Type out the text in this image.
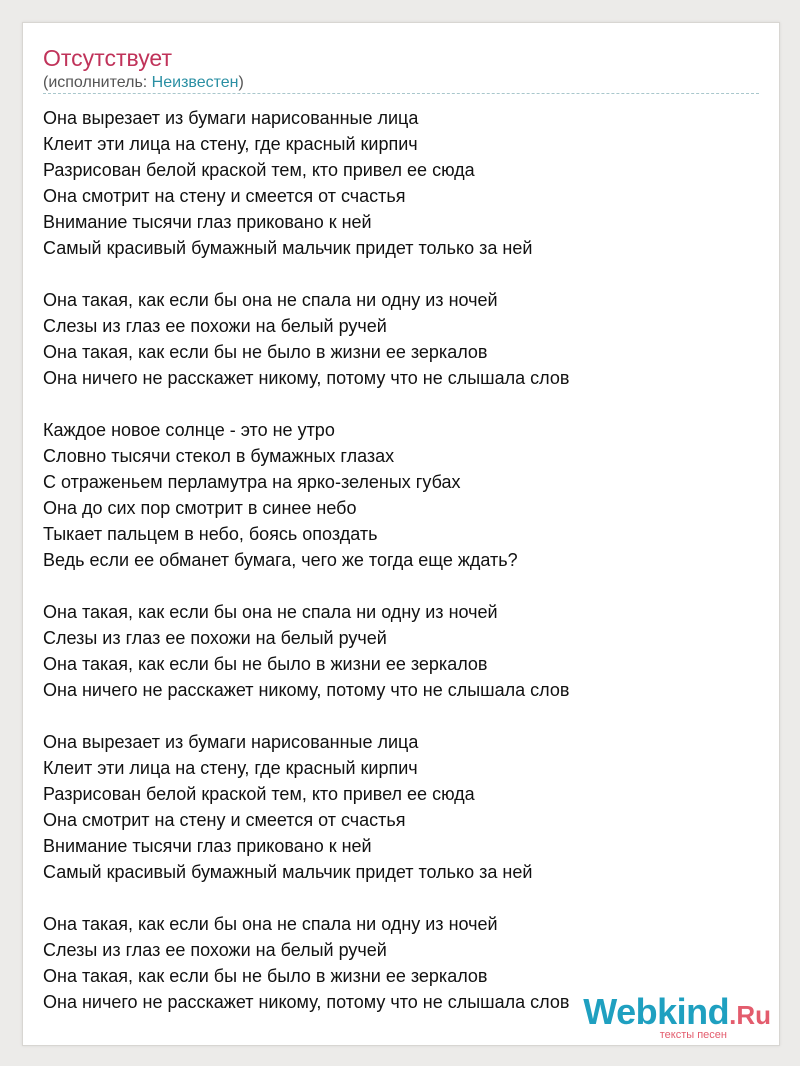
Отсутствует
(исполнитель: Неизвестен)
Она вырезает из бумаги нарисованные лица
Клеит эти лица на стену, где красный кирпич
Разрисован белой краской тем, кто привел ее сюда
Она смотрит на стену и смеется от счастья
Внимание тысячи глаз приковано к ней
Самый красивый бумажный мальчик придет только за ней
Она такая, как если бы она не спала ни одну из ночей
Слезы из глаз ее похожи на белый ручей
Она такая, как если бы не было в жизни ее зеркалов
Она ничего не расскажет никому, потому что не слышала слов
Каждое новое солнце - это не утро
Словно тысячи стекол в бумажных глазах
С отраженьем перламутра на ярко-зеленых губах
Она до сих пор смотрит в синее небо
Тыкает пальцем в небо, боясь опоздать
Ведь если ее обманет бумага, чего же тогда еще ждать?
Она такая, как если бы она не спала ни одну из ночей
Слезы из глаз ее похожи на белый ручей
Она такая, как если бы не было в жизни ее зеркалов
Она ничего не расскажет никому, потому что не слышала слов
Она вырезает из бумаги нарисованные лица
Клеит эти лица на стену, где красный кирпич
Разрисован белой краской тем, кто привел ее сюда
Она смотрит на стену и смеется от счастья
Внимание тысячи глаз приковано к ней
Самый красивый бумажный мальчик придет только за ней
Она такая, как если бы она не спала ни одну из ночей
Слезы из глаз ее похожи на белый ручей
Она такая, как если бы не было в жизни ее зеркалов
Она ничего не расскажет никому, потому что не слышала слов Webkind.Ru
тексты песен
